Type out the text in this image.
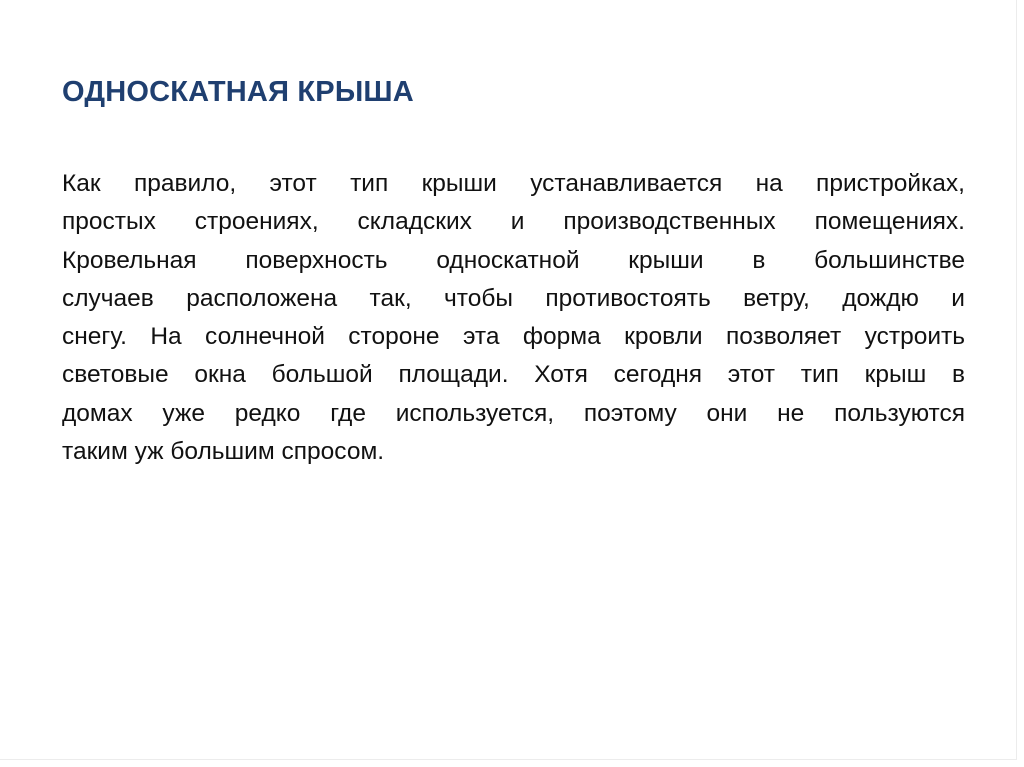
ОДНОСКАТНАЯ КРЫША
Как правило, этот тип крыши устанавливается на пристройках,
простых строениях, складских и производственных помещениях.
Кровельная поверхность односкатной крыши в большинстве
случаев расположена так, чтобы противостоять ветру, дождю и
снегу. На солнечной стороне эта форма кровли позволяет устроить
световые окна большой площади. Хотя сегодня этот тип крыш в
домах уже редко где используется, поэтому они не пользуются
таким уж большим спросом.
